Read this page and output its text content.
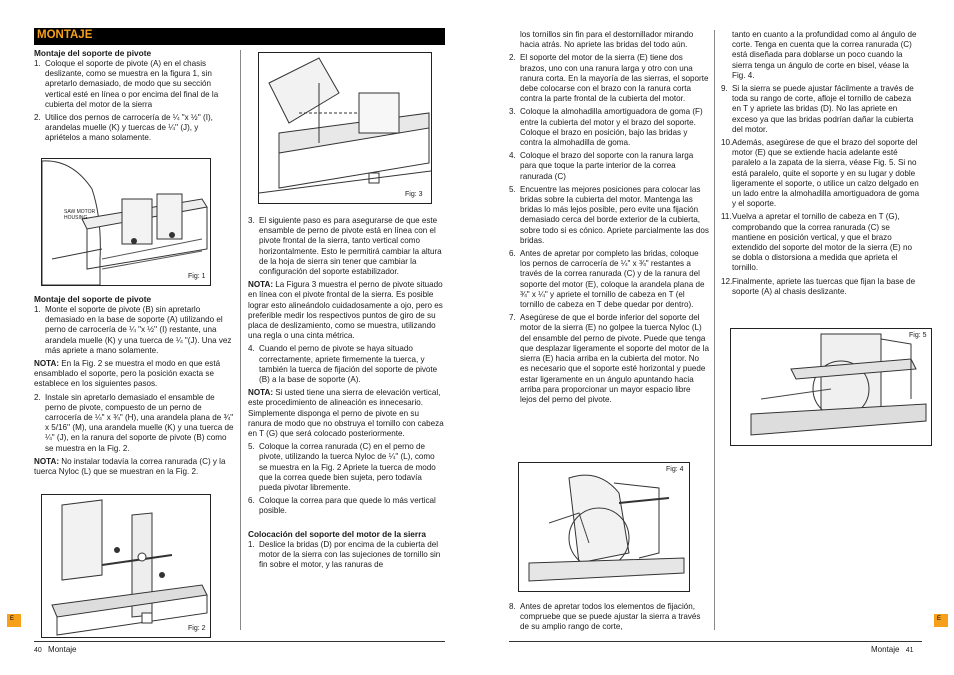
MONTAJE
E	E
Montaje del soporte de pivote
1. Coloque el soporte de pivote (A) en el chasis deslizante, como se muestra en la figura 1, sin apretarlo demasiado, de modo que su sección vertical esté en línea o por encima del final de la cubierta del motor de la sierra
2. Utilice dos pernos de carrocería de ¼ "x ½'' (I), arandelas muelle (K) y tuercas de ¼'' (J), y apriételos a mano solamente.
SAW MOTOR
HOUSING
Fig: 1
Montaje del soporte de pivote
1. Monte el soporte de pivote (B) sin apretarlo demasiado en la base de soporte (A) utilizando el perno de carrocería de ¼ "x ½'' (I) restante, una arandela muelle (K) y una tuerca de ¼ "(J). Una vez más apriete a mano solamente.
NOTA: En la Fig. 2 se muestra el modo en que está ensamblado el soporte, pero la posición exacta se establece en los siguientes pasos.
2. Instale sin apretarlo demasiado el ensamble de perno de pivote, compuesto de un perno de carrocería de ¼" x ¾" (H), una arandela plana de ¾" x 5/16'' (M), una arandela muelle (K) y una tuerca de ¼" (J), en la ranura del soporte de pivote (B) como se muestra en la Fig. 2.
NOTA: No instalar todavía la correa ranurada (C) y la tuerca Nyloc (L) que se muestran en la Fig. 2.
Fig: 2
Fig: 3
3. El siguiente paso es para asegurarse de que este ensamble de perno de pivote está en línea con el pivote frontal de la sierra, tanto vertical como horizontalmente. Esto le permitirá cambiar la altura de la hoja de sierra sin tener que cambiar la configuración del soporte estabilizador.
NOTA: La Figura 3 muestra el perno de pivote situado en línea con el pivote frontal de la sierra. Es posible lograr esto alineándolo cuidadosamente a ojo, pero es preferible medir los respectivos puntos de giro de su placa de deslizamiento, como se muestra, utilizando una regla o una cinta métrica.
4. Cuando el perno de pivote se haya situado correctamente, apriete firmemente la tuerca, y también la tuerca de fijación del soporte de pivote (B) a la base de soporte (A).
NOTA: Si usted tiene una sierra de elevación vertical, este procedimiento de alineación es innecesario. Simplemente disponga el perno de pivote en su ranura de modo que no obstruya el tornillo con cabeza en T (G) que será colocado posteriormente.
5. Coloque la correa ranurada (C) en el perno de pivote, utilizando la tuerca Nyloc de ¼" (L), como se muestra en la Fig. 2 Apriete la tuerca de modo que la correa quede bien sujeta, pero todavía pueda pivotar libremente.
6. Coloque la correa para que quede lo más vertical posible.
Colocación del soporte del motor de la sierra
1. Deslice la bridas (D) por encima de la cubierta del motor de la sierra con las sujeciones de tornillo sin fin sobre el motor, y las ranuras de
los tornillos sin fin para el destornillador mirando hacia atrás. No apriete las bridas del todo aún.
2. El soporte del motor de la sierra (E) tiene dos brazos, uno con una ranura larga y otro con una ranura corta. En la mayoría de las sierras, el soporte debe colocarse con el brazo con la ranura corta contra la parte frontal de la cubierta del motor.
3. Coloque la almohadilla amortiguadora de goma (F) entre la cubierta del motor y el brazo del soporte. Coloque el brazo en posición, bajo las bridas y contra la almohadilla de goma.
4. Coloque el brazo del soporte con la ranura larga para que toque la parte interior de la correa ranurada (C)
5. Encuentre las mejores posiciones para colocar las bridas sobre la cubierta del motor. Mantenga las bridas lo más lejos posible, pero evite una fijación demasiado cerca del borde exterior de la cubierta, sobre todo si es cónico. Apriete parcialmente las dos bridas.
6. Antes de apretar por completo las bridas, coloque los pernos de carrocería de ¼" x ¾" restantes a través de la correa ranurada (C) y de la ranura del soporte del motor (E), coloque la arandela plana de ¾" x ¼" y apriete el tornillo de cabeza en T (el tornillo de cabeza en T debe quedar por dentro).
7. Asegúrese de que el borde inferior del soporte del motor de la sierra (E) no golpee la tuerca Nyloc (L) del ensamble del perno de pivote. Puede que tenga que desplazar ligeramente el soporte del motor de la sierra (E) hacia arriba en la cubierta del motor. No es necesario que el soporte esté horizontal y puede estar ligeramente en un ángulo apuntando hacia arriba para proporcionar un mayor espacio libre lejos del perno del pivote.
Fig: 4
8. Antes de apretar todos los elementos de fijación, compruebe que se puede ajustar la sierra a través de su amplio rango de corte,
tanto en cuanto a la profundidad como al ángulo de corte. Tenga en cuenta que la correa ranurada (C) está diseñada para doblarse un poco cuando la sierra tenga un ángulo de corte en bisel, véase la Fig. 4.
9. Si la sierra se puede ajustar fácilmente a través de toda su rango de corte, afloje el tornillo de cabeza en T y apriete las bridas (D). No las apriete en exceso ya que las bridas podrían dañar la cubierta del motor.
10. Además, asegúrese de que el brazo del soporte del motor (E) que se extiende hacia adelante esté paralelo a la zapata de la sierra, véase Fig. 5. Si no está paralelo, quite el soporte y en su lugar y doble ligeramente el soporte, o utilice un calzo delgado en un lado entre la almohadilla amortiguadora de goma y el soporte.
11. Vuelva a apretar el tornillo de cabeza en T (G), comprobando que la correa ranurada (C) se mantiene en posición vertical, y que el brazo extendido del soporte del motor de la sierra (E) no se dobla o distorsiona a medida que aprieta el tornillo.
12. Finalmente, apriete las tuercas que fijan la base de soporte (A) al chasis deslizante.
Fig: 5
40 Montaje	Montaje 41
